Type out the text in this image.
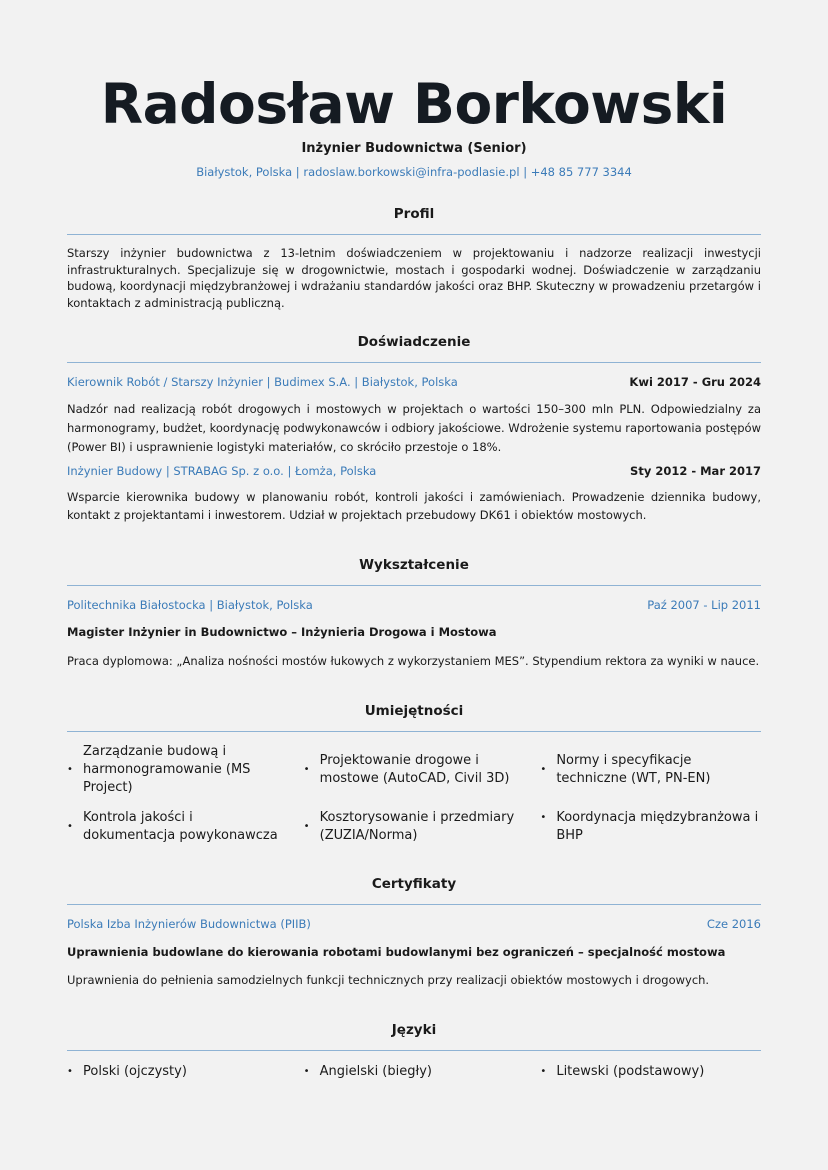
Radosław Borkowski
Inżynier Budownictwa (Senior)
Białystok, Polska | radoslaw.borkowski@infra-podlasie.pl | +48 85 777 3344
Profil
Starszy inżynier budownictwa z 13-letnim doświadczeniem w projektowaniu i nadzorze realizacji inwestycji infrastrukturalnych. Specjalizuje się w drogownictwie, mostach i gospodarki wodnej. Doświadczenie w zarządzaniu budową, koordynacji międzybranżowej i wdrażaniu standardów jakości oraz BHP. Skuteczny w prowadzeniu przetargów i kontaktach z administracją publiczną.
Doświadczenie
Kierownik Robót / Starszy Inżynier | Budimex S.A. | Białystok, Polska	Kwi 2017 - Gru 2024
Nadzór nad realizacją robót drogowych i mostowych w projektach o wartości 150–300 mln PLN. Odpowiedzialny za harmonogramy, budżet, koordynację podwykonawców i odbiory jakościowe. Wdrożenie systemu raportowania postępów (Power BI) i usprawnienie logistyki materiałów, co skróciło przestoje o 18%.
Inżynier Budowy | STRABAG Sp. z o.o. | Łomża, Polska	Sty 2012 - Mar 2017
Wsparcie kierownika budowy w planowaniu robót, kontroli jakości i zamówieniach. Prowadzenie dziennika budowy, kontakt z projektantami i inwestorem. Udział w projektach przebudowy DK61 i obiektów mostowych.
Wykształcenie
Politechnika Białostocka | Białystok, Polska	Paź 2007 - Lip 2011
Magister Inżynier in Budownictwo – Inżynieria Drogowa i Mostowa
Praca dyplomowa: „Analiza nośności mostów łukowych z wykorzystaniem MES”. Stypendium rektora za wyniki w nauce.
Umiejętności
•
Zarządzanie budową i harmonogramowanie (MS Project)
•
Projektowanie drogowe i mostowe (AutoCAD, Civil 3D)
•
Normy i specyfikacje techniczne (WT, PN-EN)
•
Kontrola jakości i dokumentacja powykonawcza
•
Kosztorysowanie i przedmiary (ZUZIA/Norma)
• Koordynacja międzybranżowa i BHP
Certyfikaty
Polska Izba Inżynierów Budownictwa (PIIB)	Cze 2016
Uprawnienia budowlane do kierowania robotami budowlanymi bez ograniczeń – specjalność mostowa
Uprawnienia do pełnienia samodzielnych funkcji technicznych przy realizacji obiektów mostowych i drogowych.
Języki
• Polski (ojczysty)	• Angielski (biegły)	• Litewski (podstawowy)
